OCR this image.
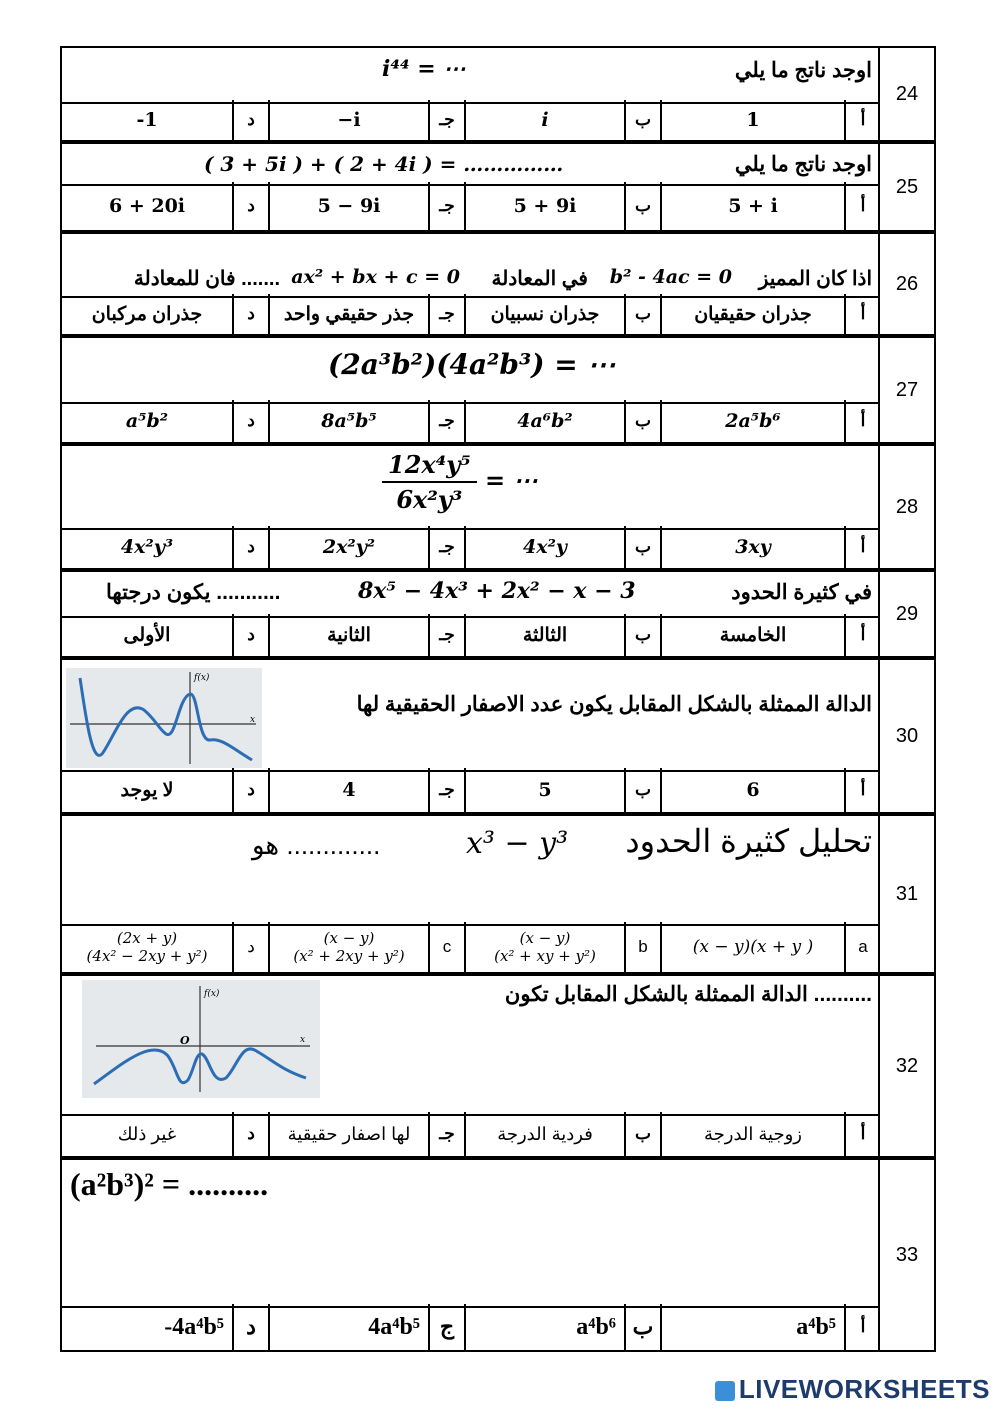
اوجد ناتج ما يلي
i⁴⁴ = ⋯
أ
1
ب
i
جـ
−i
د
-1
24
اوجد ناتج ما يلي
( 3 + 5i ) + ( 2 + 4i ) = ……………
أ
5 + i
ب
5 + 9i
جـ
5 − 9i
د
6 + 20i
25
اذا كان المميز
b² - 4ac = 0
في المعادلة
ax² + bx + c = 0
فان للمعادلة .......
أ
جذران حقيقيان
ب
جذران نسبيان
جـ
جذر حقيقي واحد
د
جذران مركبان
26
(2a³b²)(4a²b³) = ⋯
أ
2a⁵b⁶
ب
4a⁶b²
جـ
8a⁵b⁵
د
a⁵b²
27
$\frac{\text{12x⁴y⁵}}{\text{6x²y³}}$ = ⋯
أ
3xy
ب
4x²y
جـ
2x²y²
د
4x²y³
28
في كثيرة الحدود
8x⁵ − 4x³ + 2x² − x − 3
يكون درجتها ...........
أ
الخامسة
ب
الثالثة
جـ
الثانية
د
الأولى
29
الدالة الممثلة بالشكل المقابل يكون عدد الاصفار الحقيقية لها
f(x)
x
أ
6
ب
5
جـ
4
د
لا يوجد
30
تحليل كثيرة الحدود
x³ − y³
هو .............
a
(x − y)(x + y )
b
(x − y)
(x² + xy + y²)
c
(x − y)
(x² + 2xy + y²)
د
(2x + y)
(4x² − 2xy + y²)
31
الدالة الممثلة بالشكل المقابل تكون ..........
f(x)
O	x
أ
زوجية الدرجة
ب
فردية الدرجة
جـ
لها اصفار حقيقية
د
غير ذلك
32
(a²b³)² = ..........
أ
a⁴b⁵
ب
a⁴b⁶
ج
4a⁴b⁵
د
-4a⁴b⁵
33
LIVEWORKSHEETS
